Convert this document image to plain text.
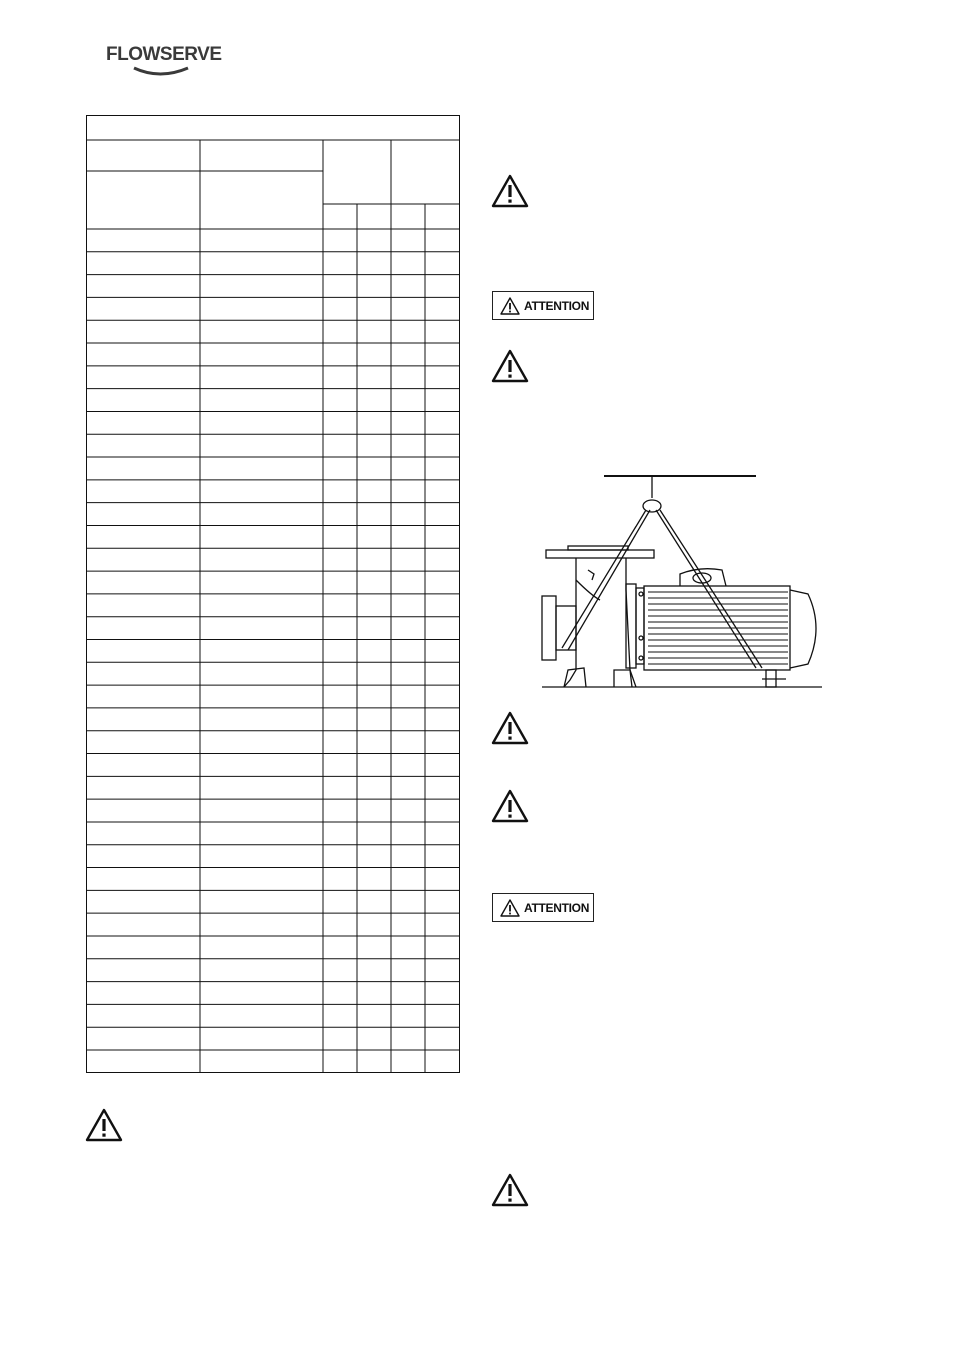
FLOWSERVE
ATTENTION
ATTENTION
